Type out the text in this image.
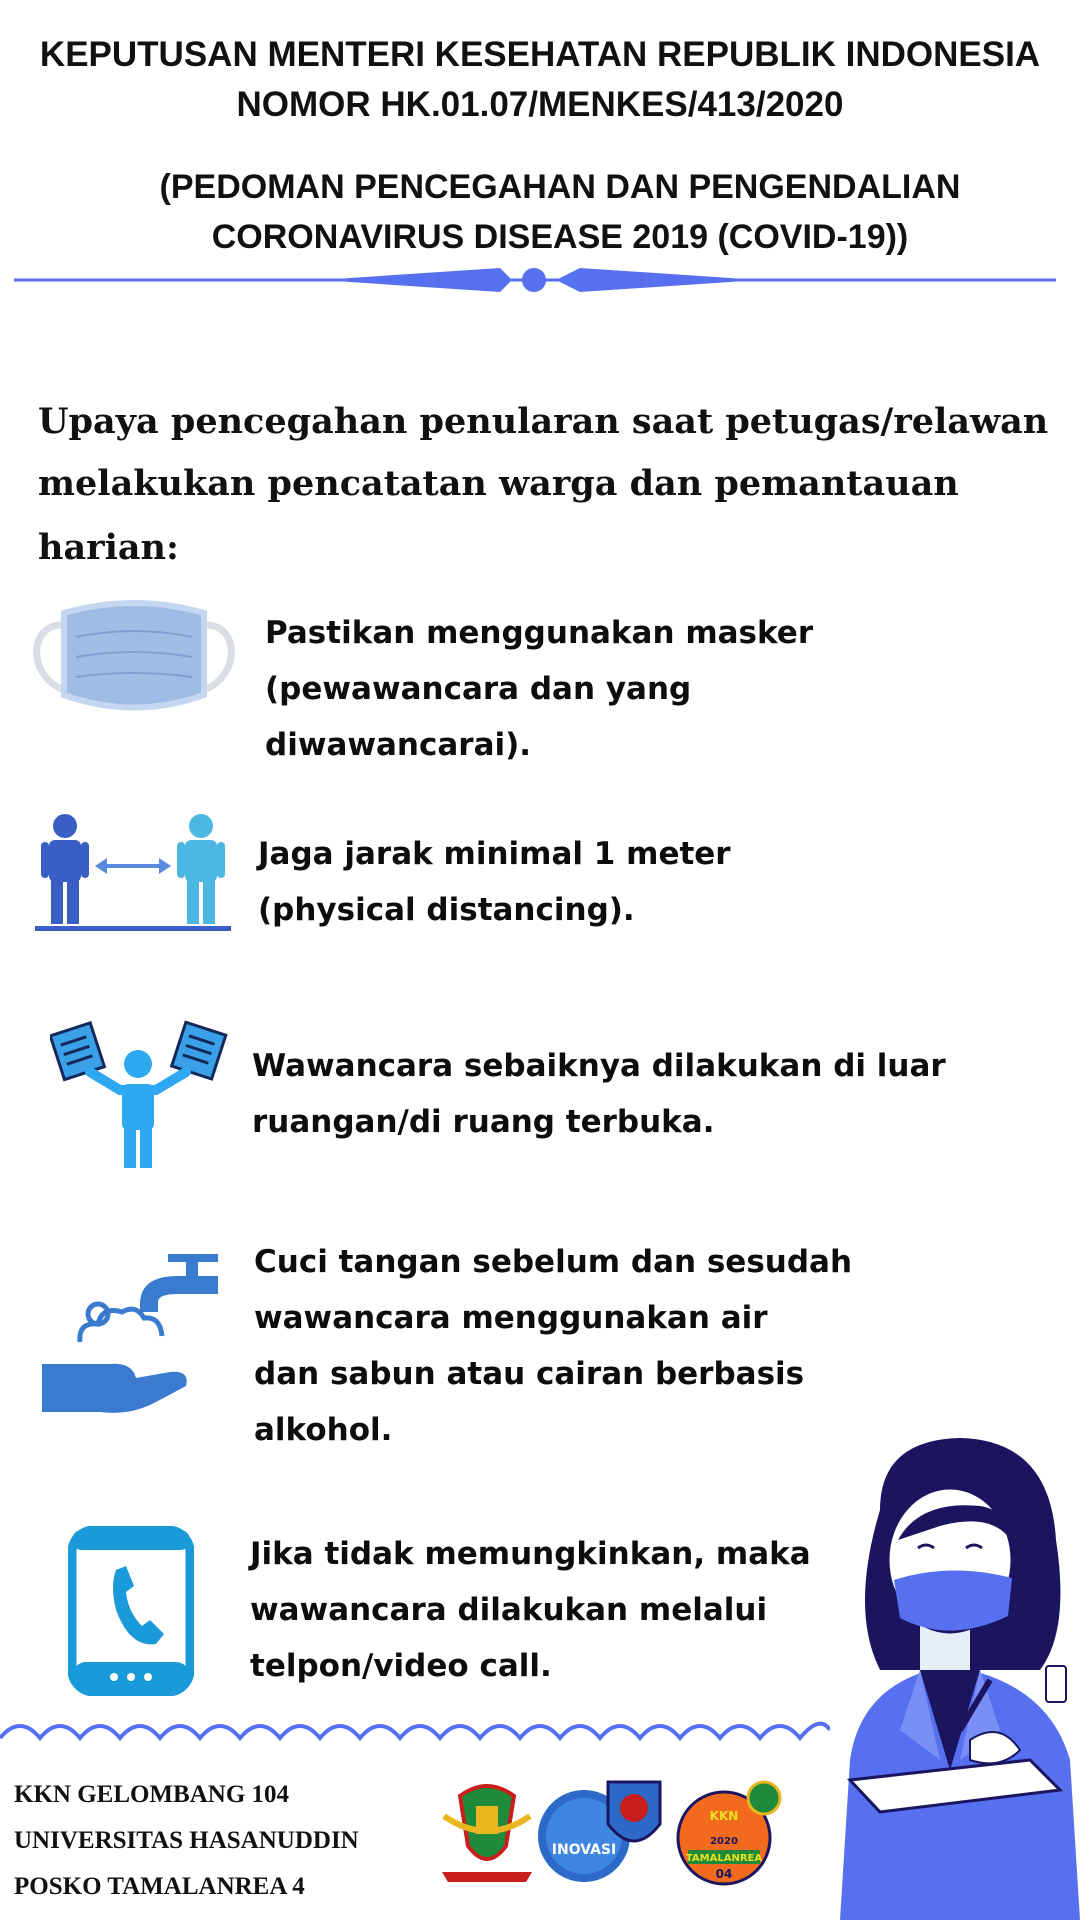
KEPUTUSAN MENTERI KESEHATAN REPUBLIK INDONESIA
NOMOR HK.01.07/MENKES/413/2020
(PEDOMAN PENCEGAHAN DAN PENGENDALIAN
CORONAVIRUS DISEASE 2019 (COVID-19))
Upaya pencegahan penularan saat petugas/relawan
melakukan pencatatan warga dan pemantauan harian:
Pastikan menggunakan masker
(pewawancara dan yang
diwawancarai).
Jaga jarak minimal 1 meter
(physical distancing).
Wawancara sebaiknya dilakukan di luar
ruangan/di ruang terbuka.
Cuci tangan sebelum dan sesudah
wawancara menggunakan air
dan sabun atau cairan berbasis
alkohol.
Jika tidak memungkinkan, maka
wawancara dilakukan melalui
telpon/video call.
KKN GELOMBANG 104
UNIVERSITAS HASANUDDIN
POSKO TAMALANREA 4
INOVASI
KKN
2020
TAMALANREA
04
